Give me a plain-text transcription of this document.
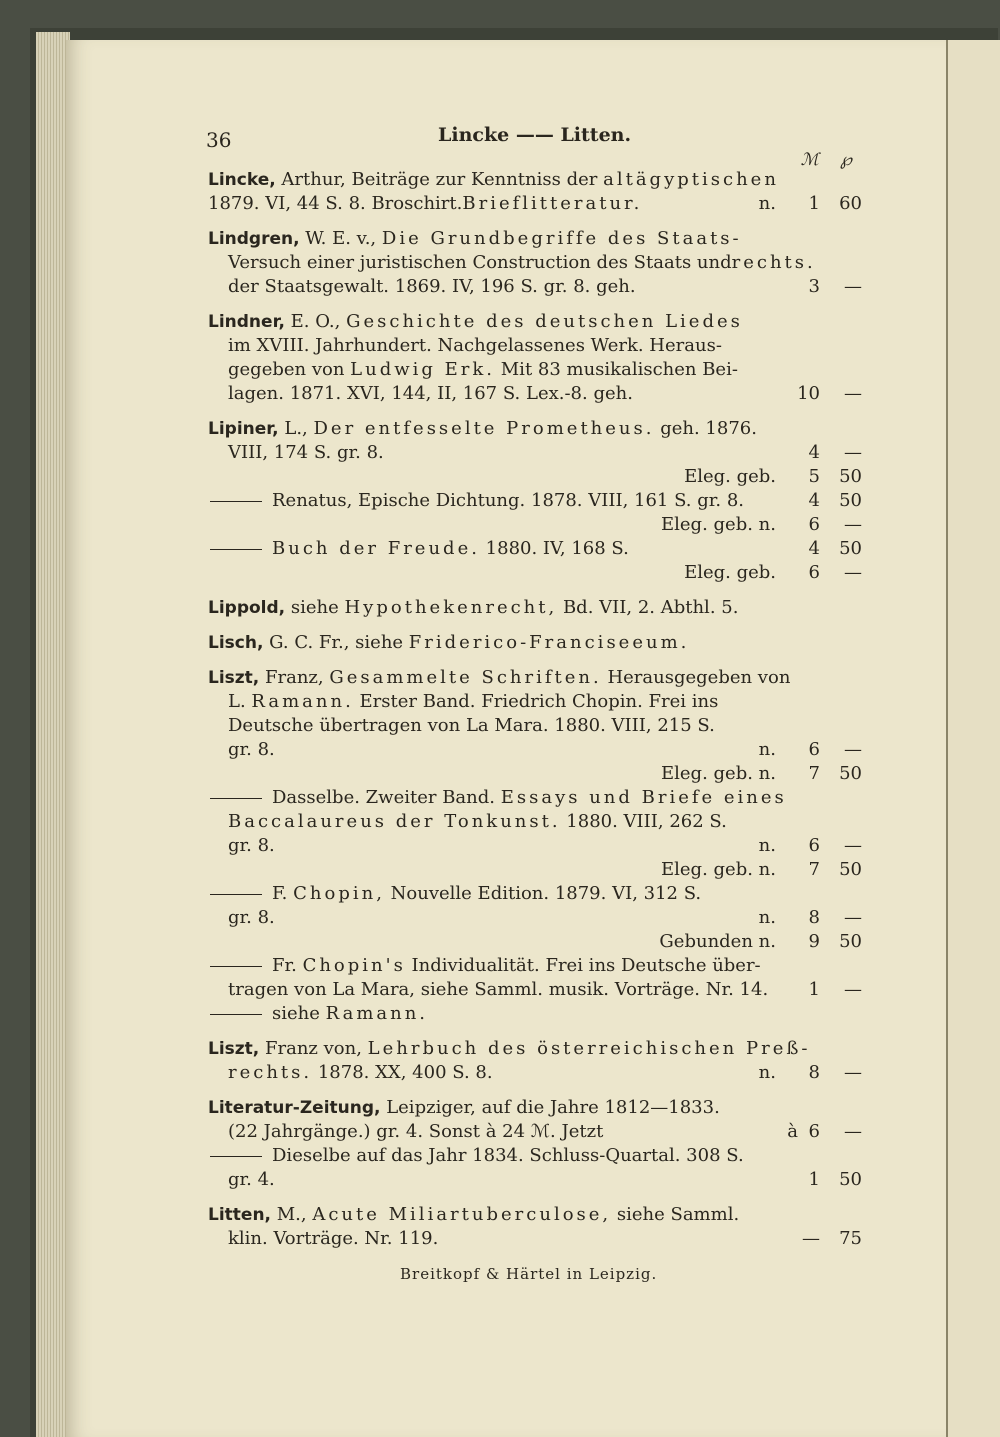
36	Lincke —— Litten.
ℳ ℘
Lincke, Arthur, Beiträge zur Kenntniss der altägyptischen
1879. VI, 44 S. 8. Broschirt.Brieflitteratur.	n. 1 60
Lindgren, W. E. v., Die Grundbegriffe des Staats-
Versuch einer juristischen Construction des Staats undrechts.
der Staatsgewalt. 1869. IV, 196 S. gr. 8. geh.	3 —
Lindner, E. O., Geschichte des deutschen Liedes
im XVIII. Jahrhundert. Nachgelassenes Werk. Heraus-
gegeben von Ludwig Erk. Mit 83 musikalischen Bei-
lagen. 1871. XVI, 144, II, 167 S. Lex.-8. geh.	10 —
Lipiner, L., Der entfesselte Prometheus. geh. 1876.
VIII, 174 S. gr. 8.	4 —
Eleg. geb. 5 50
Renatus, Epische Dichtung. 1878. VIII, 161 S. gr. 8.	4 50
Eleg. geb. n. 6 —
Buch der Freude. 1880. IV, 168 S.	4 50
Eleg. geb. 6 —
Lippold, siehe Hypothekenrecht, Bd. VII, 2. Abthl. 5.
Lisch, G. C. Fr., siehe Friderico-Franciseeum.
Liszt, Franz, Gesammelte Schriften. Herausgegeben von
L. Ramann. Erster Band. Friedrich Chopin. Frei ins
Deutsche übertragen von La Mara. 1880. VIII, 215 S.
gr. 8.	n. 6 —
Eleg. geb. n. 7 50
Dasselbe. Zweiter Band. Essays und Briefe eines
Baccalaureus der Tonkunst. 1880. VIII, 262 S.
gr. 8.	n. 6 —
Eleg. geb. n. 7 50
F. Chopin, Nouvelle Edition. 1879. VI, 312 S.
gr. 8.	n. 8 —
Gebunden n. 9 50
Fr. Chopin's Individualität. Frei ins Deutsche über-
tragen von La Mara, siehe Samml. musik. Vorträge. Nr. 14. 1 —
siehe Ramann.
Liszt, Franz von, Lehrbuch des österreichischen Preß-
rechts. 1878. XX, 400 S. 8.	n. 8 —
Literatur-Zeitung, Leipziger, auf die Jahre 1812—1833.
(22 Jahrgänge.) gr. 4. Sonst à 24 ℳ. Jetzt	à 6 —
Dieselbe auf das Jahr 1834. Schluss-Quartal. 308 S.
gr. 4.	1 50
Litten, M., Acute Miliartuberculose, siehe Samml.
klin. Vorträge. Nr. 119.	— 75
Breitkopf & Härtel in Leipzig.
